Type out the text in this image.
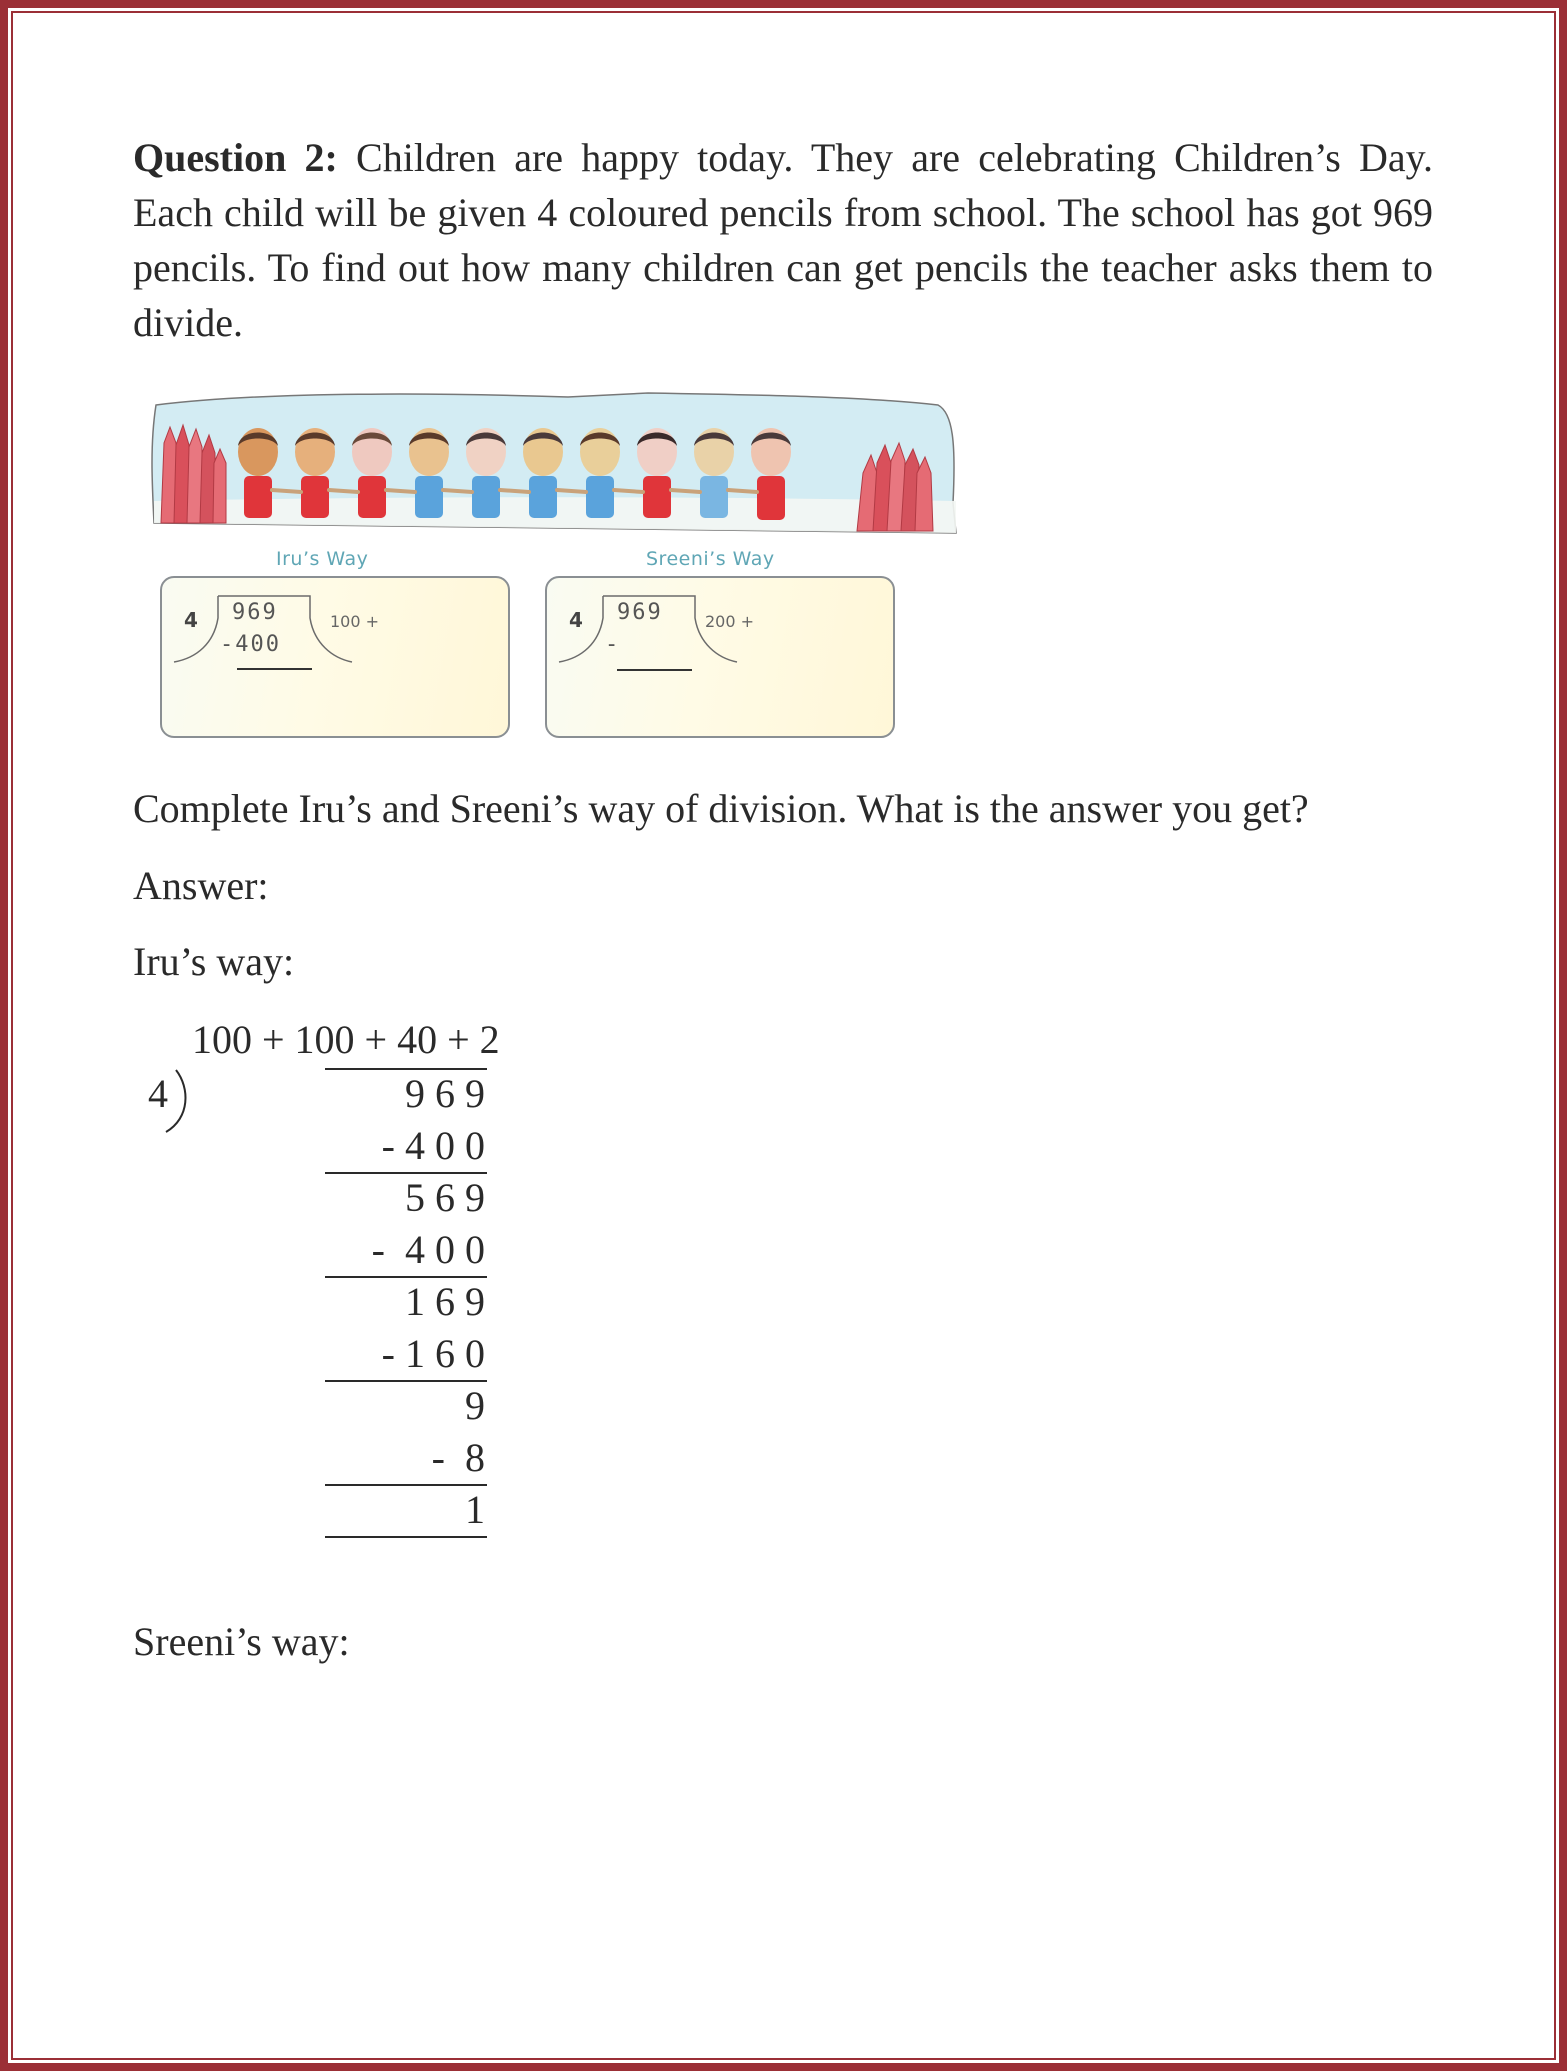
Question 2: Children are happy today. They are celebrating Children’s Day. Each child will be given 4 coloured pencils from school. The school has got 969 pencils. To find out how many children can get pencils the teacher asks them to divide.

Iru’s Way
4 969
-400
100 +
Sreeni’s Way
4 969
-
200 +
Complete Iru’s and Sreeni’s way of division. What is the answer you get?
Answer:
Iru’s way:
100 + 100 + 40 + 2
4	9 6 9
- 4 0 0
5 6 9
-  4 0 0
1 6 9
- 1 6 0
9
-  8
1
Sreeni’s way:
